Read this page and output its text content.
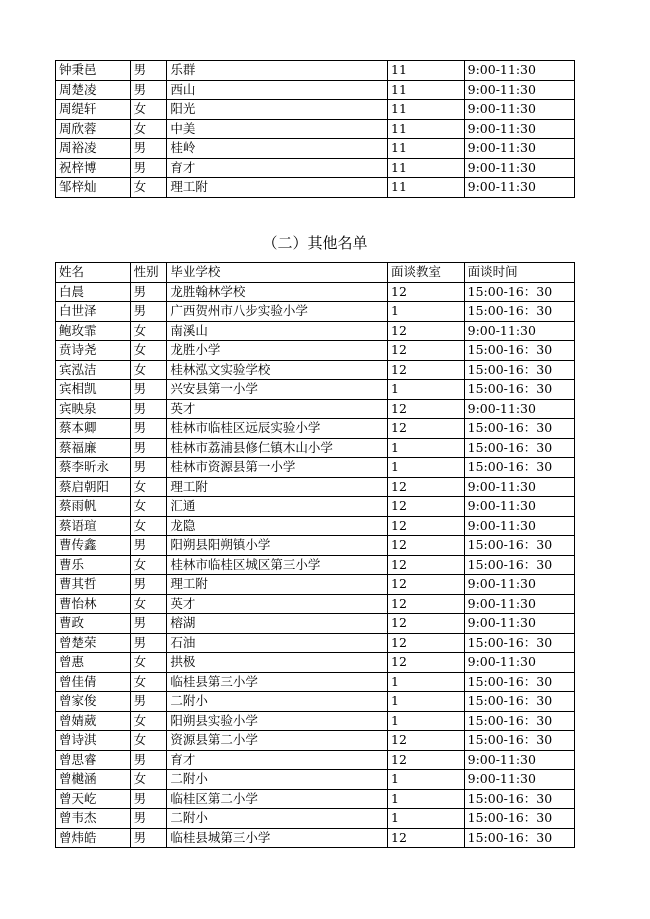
钟秉邑	男	乐群	11	9:00-11:30
周楚凌	男	西山	11	9:00-11:30
周缇轩	女	阳光	11	9:00-11:30
周欣蓉	女	中美	11	9:00-11:30
周裕凌	男	桂岭	11	9:00-11:30
祝梓博	男	育才	11	9:00-11:30
邹梓灿	女	理工附	11	9:00-11:30
（二）其他名单
姓名	性别	毕业学校	面谈教室	面谈时间
白晨	男	龙胜翰林学校	12	15:00-16：30
白世泽	男	广西贺州市八步实验小学	1	15:00-16：30
鲍玫霏	女	南溪山	12	9:00-11:30
贲诗尧	女	龙胜小学	12	15:00-16：30
宾泓洁	女	桂林泓文实验学校	12	15:00-16：30
宾相凯	男	兴安县第一小学	1	15:00-16：30
宾映泉	男	英才	12	9:00-11:30
蔡本卿	男	桂林市临桂区远辰实验小学	12	15:00-16：30
蔡福廉	男	桂林市荔浦县修仁镇木山小学	1	15:00-16：30
蔡李昕永	男	桂林市资源县第一小学	1	15:00-16：30
蔡启朝阳	女	理工附	12	9:00-11:30
蔡雨帆	女	汇通	12	9:00-11:30
蔡语瑄	女	龙隐	12	9:00-11:30
曹传鑫	男	阳朔县阳朔镇小学	12	15:00-16：30
曹乐	女	桂林市临桂区城区第三小学	12	15:00-16：30
曹其哲	男	理工附	12	9:00-11:30
曹怡林	女	英才	12	9:00-11:30
曹政	男	榕湖	12	9:00-11:30
曾楚荣	男	石油	12	15:00-16：30
曾惠	女	拱极	12	9:00-11:30
曾佳倩	女	临桂县第三小学	1	15:00-16：30
曾家俊	男	二附小	1	15:00-16：30
曾婧葳	女	阳朔县实验小学	1	15:00-16：30
曾诗淇	女	资源县第二小学	12	15:00-16：30
曾思睿	男	育才	12	9:00-11:30
曾樾涵	女	二附小	1	9:00-11:30
曾天屹	男	临桂区第二小学	1	15:00-16：30
曾韦杰	男	二附小	1	15:00-16：30
曾炜皓	男	临桂县城第三小学	12	15:00-16：30
